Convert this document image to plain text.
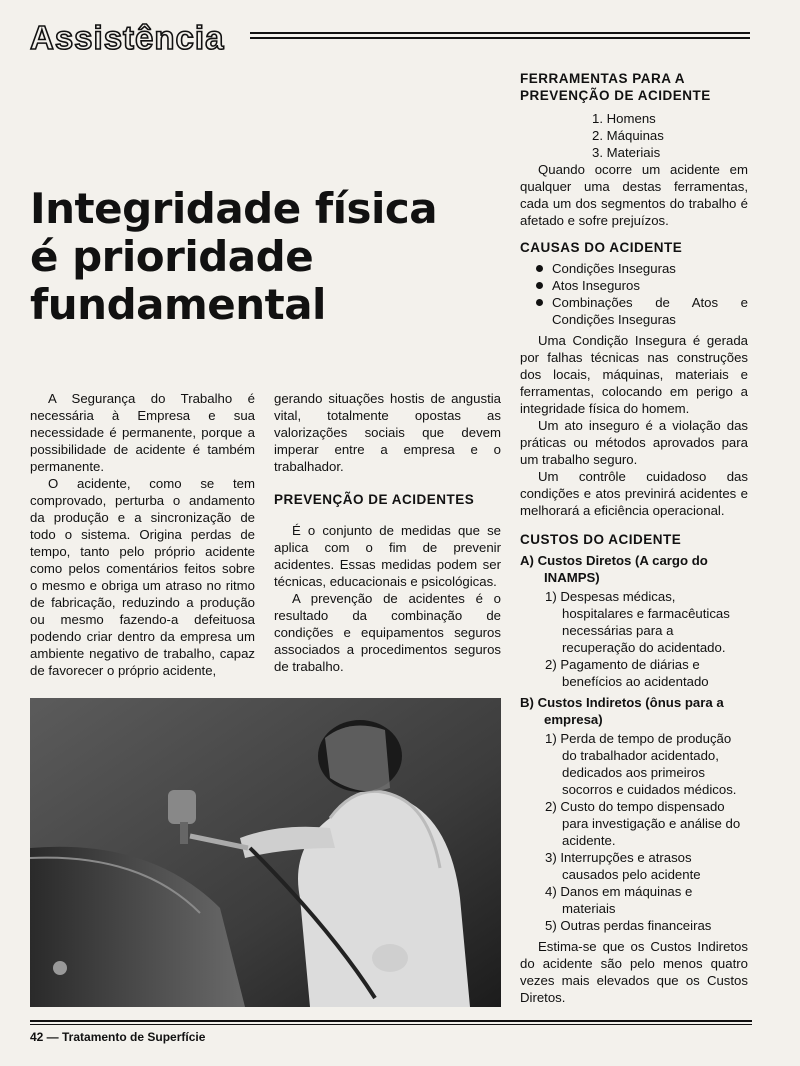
Assistência
Integridade física
é prioridade
fundamental

A Segurança do Trabalho é necessária à Empresa e sua necessidade é permanente, porque a possibilidade de acidente é também permanente.

O acidente, como se tem comprovado, perturba o andamento da produção e a sincronização de todo o sistema. Origina perdas de tempo, tanto pelo próprio acidente como pelos comentários feitos sobre o mesmo e obriga um atraso no ritmo de fabricação, reduzindo a produção ou mesmo fazendo-a defeituosa podendo criar dentro da empresa um ambiente negativo de trabalho, capaz de favorecer o próprio acidente,

gerando situações hostis de angustia vital, totalmente opostas as valorizações sociais que devem imperar entre a empresa e o trabalhador.

PREVENÇÃO DE ACIDENTES

É o conjunto de medidas que se aplica com o fim de prevenir acidentes. Essas medidas podem ser técnicas, educacionais e psicológicas.

A prevenção de acidentes é o resultado da combinação de condições e equipamentos seguros associados a procedimentos seguros de trabalho.

FERRAMENTAS PARA A PREVENÇÃO DE ACIDENTE
1. Homens
2. Máquinas
3. Materiais

Quando ocorre um acidente em qualquer uma destas ferramentas, cada um dos segmentos do trabalho é afetado e sofre prejuízos.

CAUSAS DO ACIDENTE
Condições Inseguras
Atos Inseguros
Combinações de Atos e Condições Inseguras

Uma Condição Insegura é gerada por falhas técnicas nas construções dos locais, máquinas, materiais e ferramentas, colocando em perigo a integridade física do homem.

Um ato inseguro é a violação das práticas ou métodos aprovados para um trabalho seguro.

Um contrôle cuidadoso das condições e atos previnirá acidentes e melhorará a eficiência operacional.

CUSTOS DO ACIDENTE
A) Custos Diretos (A cargo do INAMPS)
1) Despesas médicas, hospitalares e farmacêuticas necessárias para a recuperação do acidentado.
2) Pagamento de diárias e benefícios ao acidentado
B) Custos Indiretos (ônus para a empresa)
1) Perda de tempo de produção do trabalhador acidentado, dedicados aos primeiros socorros e cuidados médicos.
2) Custo do tempo dispensado para investigação e análise do acidente.
3) Interrupções e atrasos causados pelo acidente
4) Danos em máquinas e materiais
5) Outras perdas financeiras

Estima-se que os Custos Indiretos do acidente são pelo menos quatro vezes mais elevados que os Custos Diretos.

42 — Tratamento de Superfície
